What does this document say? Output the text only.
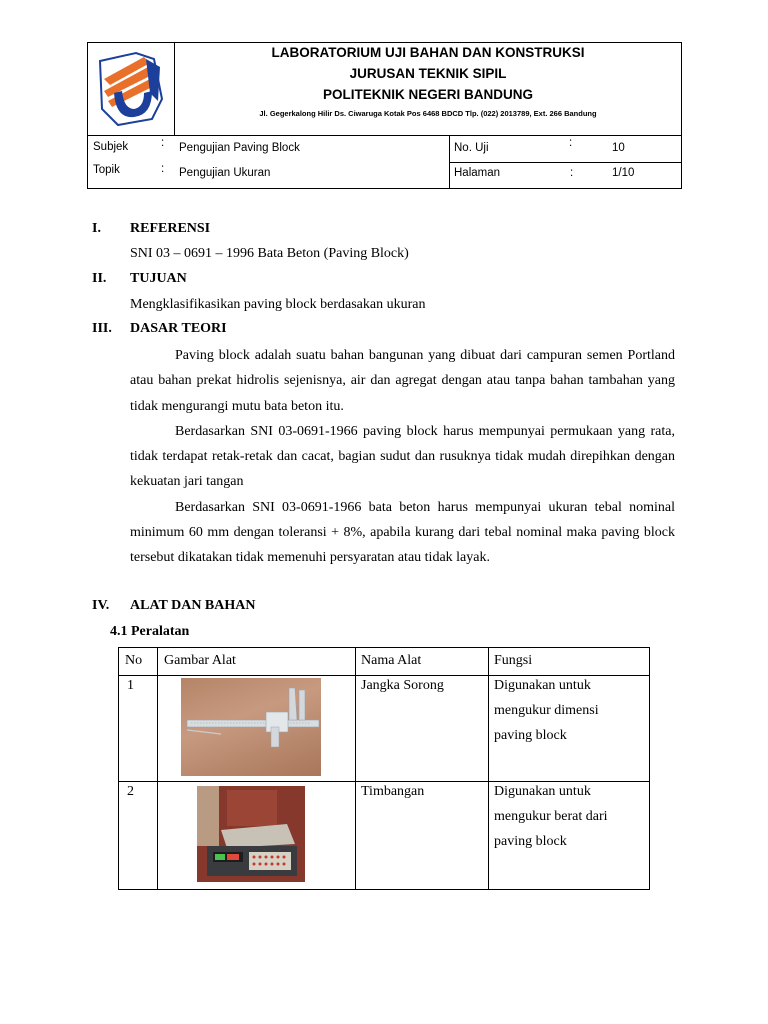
LABORATORIUM UJI BAHAN DAN KONSTRUKSI
JURUSAN TEKNIK SIPIL
POLITEKNIK NEGERI BANDUNG
Jl. Gegerkalong Hilir Ds. Ciwaruga Kotak Pos 6468 BDCD Tlp. (022) 2013789, Ext. 266 Bandung
Subjek	: Pengujian Paving Block
Topik	: Pengujian Ukuran
No. Uji	:	10
Halaman	:	1/10
I. REFERENSI
SNI 03 – 0691 – 1996 Bata Beton (Paving Block)
II. TUJUAN
Mengklasifikasikan paving block berdasakan ukuran
III. DASAR TEORI

Paving block adalah suatu bahan bangunan yang dibuat dari campuran semen Portland atau bahan prekat hidrolis sejenisnya, air dan agregat dengan atau tanpa bahan tambahan yang tidak mengurangi mutu bata beton itu.

Berdasarkan SNI 03-0691-1966 paving block harus mempunyai permukaan yang rata, tidak terdapat retak-retak dan cacat, bagian sudut dan rusuknya tidak mudah direpihkan dengan kekuatan jari tangan

Berdasarkan SNI 03-0691-1966 bata beton harus mempunyai ukuran tebal nominal minimum 60 mm dengan toleransi + 8%, apabila kurang dari tebal nominal maka paving block tersebut dikatakan tidak memenuhi persyaratan atau tidak layak.

IV. ALAT DAN BAHAN
4.1 Peralatan
No Gambar Alat	Nama Alat	Fungsi
1	Jangka Sorong	Digunakan untuk
mengukur dimensi
paving block
2	Timbangan	Digunakan untuk
mengukur berat dari
paving block
